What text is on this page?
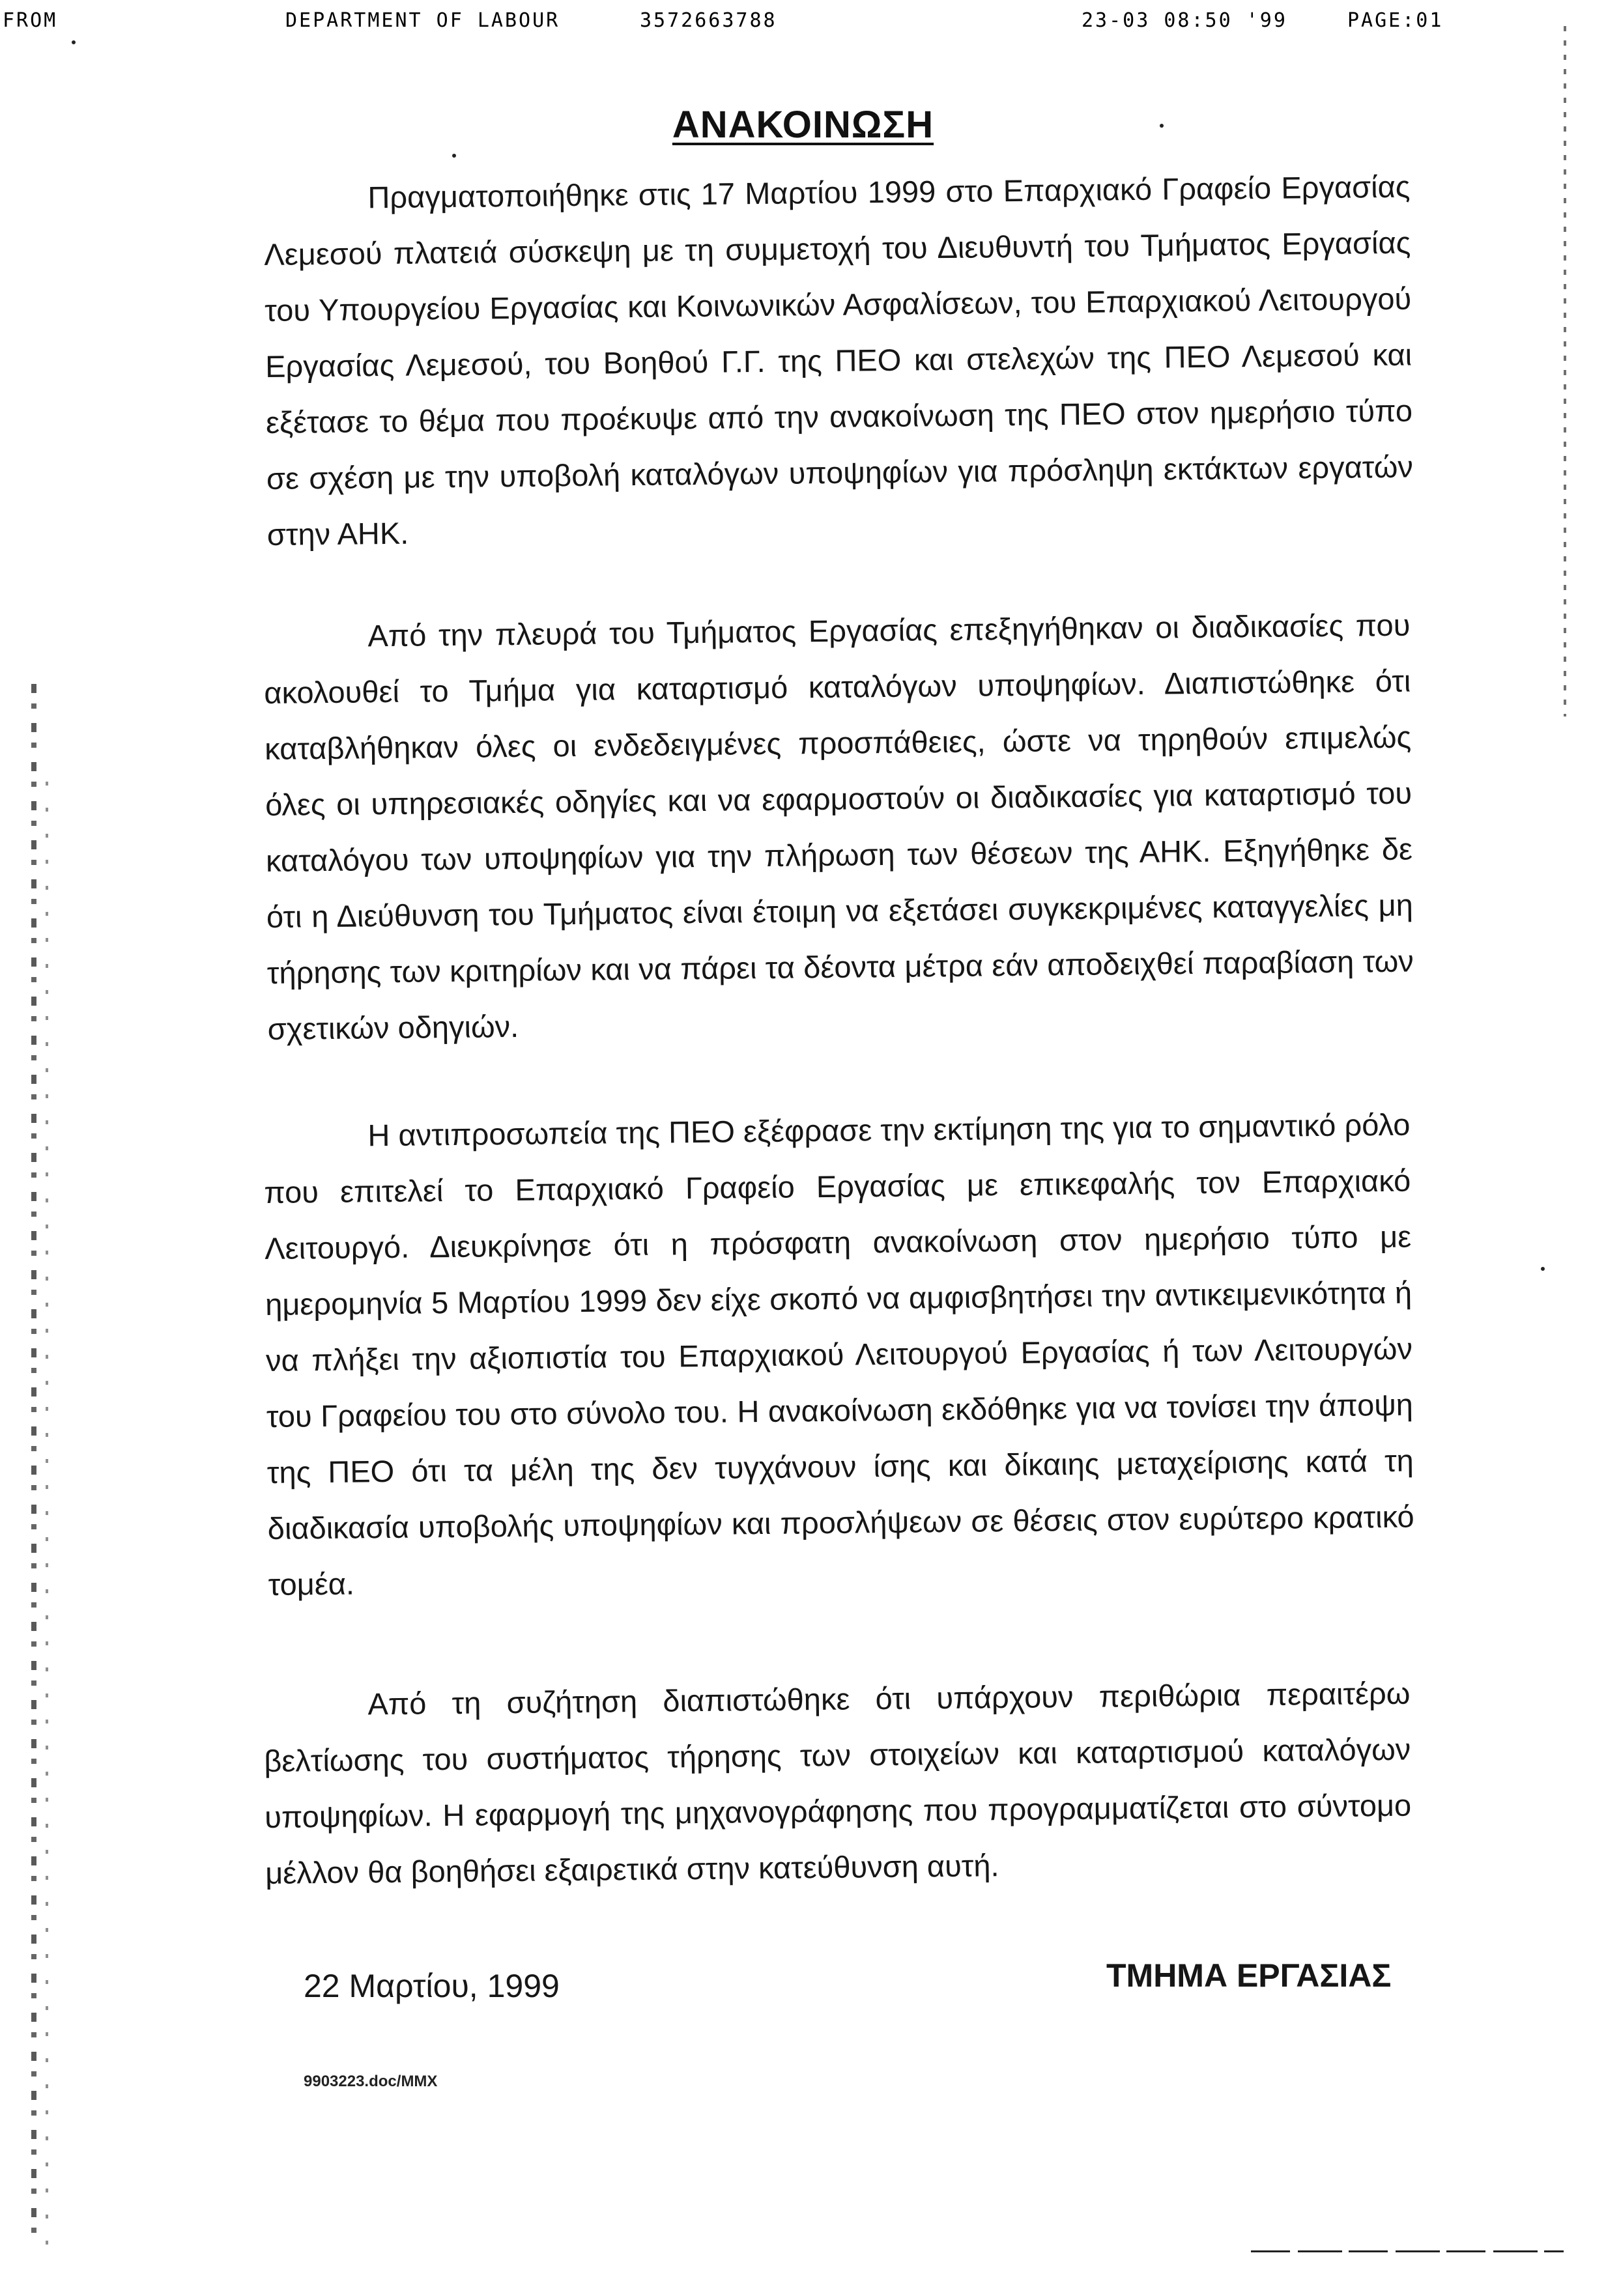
FROM	DEPARTMENT OF LABOUR	3572663788	23-03 08:50 '99	PAGE:01
ΑΝΑΚΟΙΝΩΣΗ

Πραγματοποιήθηκε στις 17 Μαρτίου 1999 στο Επαρχιακό Γραφείο Εργασίας Λεμεσού πλατειά σύσκεψη με τη συμμετοχή του Διευθυντή του Τμήματος Εργασίας του Υπουργείου Εργασίας και Κοινωνικών Ασφαλίσεων, του Επαρχιακού Λειτουργού Εργασίας Λεμεσού, του Βοηθού Γ.Γ. της ΠΕΟ και στελεχών της ΠΕΟ Λεμεσού και εξέτασε το θέμα που προέκυψε από την ανακοίνωση της ΠΕΟ στον ημερήσιο τύπο σε σχέση με την υποβολή καταλόγων υποψηφίων για πρόσληψη εκτάκτων εργατών στην ΑΗΚ.

Από την πλευρά του Τμήματος Εργασίας επεξηγήθηκαν οι διαδικασίες που ακολουθεί το Τμήμα για καταρτισμό καταλόγων υποψηφίων. Διαπιστώθηκε ότι καταβλήθηκαν όλες οι ενδεδειγμένες προσπάθειες, ώστε να τηρηθούν επιμελώς όλες οι υπηρεσιακές οδηγίες και να εφαρμοστούν οι διαδικασίες για καταρτισμό του καταλόγου των υποψηφίων για την πλήρωση των θέσεων της ΑΗΚ. Εξηγήθηκε δε ότι η Διεύθυνση του Τμήματος είναι έτοιμη να εξετάσει συγκεκριμένες καταγγελίες μη τήρησης των κριτηρίων και να πάρει τα δέοντα μέτρα εάν αποδειχθεί παραβίαση των σχετικών οδηγιών.

Η αντιπροσωπεία της ΠΕΟ εξέφρασε την εκτίμηση της για το σημαντικό ρόλο που επιτελεί το Επαρχιακό Γραφείο Εργασίας με επικεφαλής τον Επαρχιακό Λειτουργό. Διευκρίνησε ότι η πρόσφατη ανακοίνωση στον ημερήσιο τύπο με ημερομηνία 5 Μαρτίου 1999 δεν είχε σκοπό να αμφισβητήσει την αντικειμενικότητα ή να πλήξει την αξιοπιστία του Επαρχιακού Λειτουργού Εργασίας ή των Λειτουργών του Γραφείου του στο σύνολο του. Η ανακοίνωση εκδόθηκε για να τονίσει την άποψη της ΠΕΟ ότι τα μέλη της δεν τυγχάνουν ίσης και δίκαιης μεταχείρισης κατά τη διαδικασία υποβολής υποψηφίων και προσλήψεων σε θέσεις στον ευρύτερο κρατικό τομέα.

Από τη συζήτηση διαπιστώθηκε ότι υπάρχουν περιθώρια περαιτέρω βελτίωσης του συστήματος τήρησης των στοιχείων και καταρτισμού καταλόγων υποψηφίων. Η εφαρμογή της μηχανογράφησης που προγραμματίζεται στο σύντομο μέλλον θα βοηθήσει εξαιρετικά στην κατεύθυνση αυτή.

22 Μαρτίου, 1999	ΤΜΗΜΑ ΕΡΓΑΣΙΑΣ
9903223.doc/MMX
